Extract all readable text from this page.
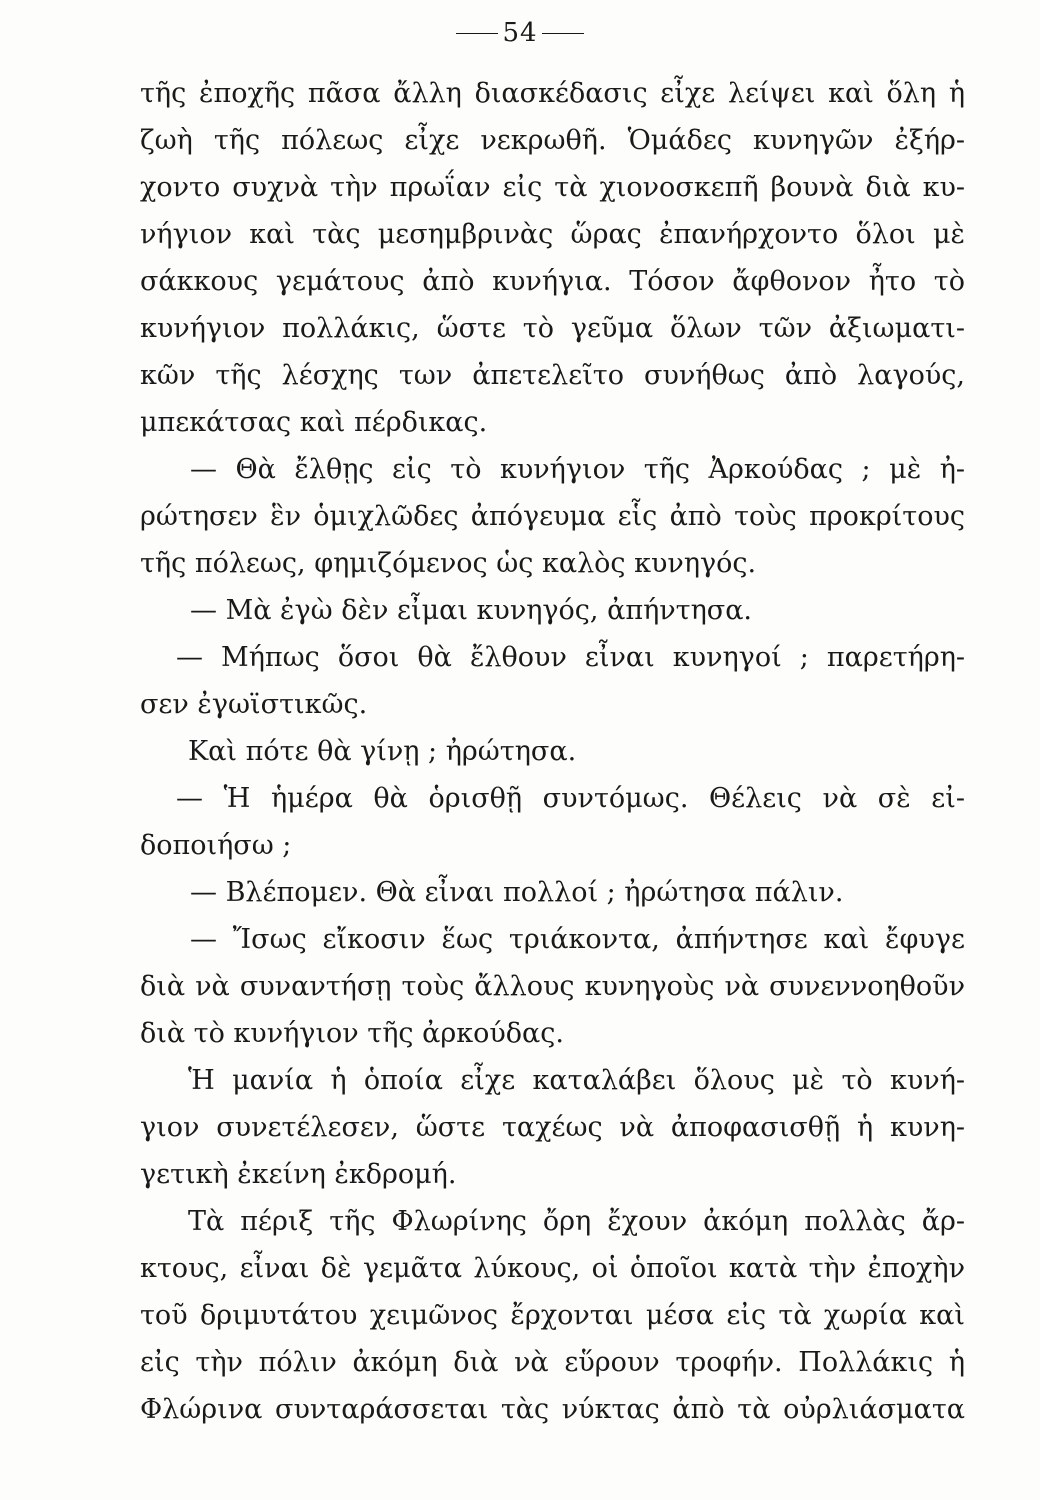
54
τῆς ἐποχῆς πᾶσα ἄλλη διασκέδασις εἶχε λείψει καὶ ὅλη ἡ
ζωὴ τῆς πόλεως εἶχε νεκρωθῆ. Ὁμάδες κυνηγῶν ἐξήρ-
χοντο συχνὰ τὴν πρωΐαν εἰς τὰ χιονοσκεπῆ βουνὰ διὰ κυ-
νήγιον καὶ τὰς μεσημβρινὰς ὥρας ἐπανήρχοντο ὅλοι μὲ
σάκκους γεμάτους ἀπὸ κυνήγια. Τόσον ἄφθονον ἦτο τὸ
κυνήγιον πολλάκις, ὥστε τὸ γεῦμα ὅλων τῶν ἀξιωματι-
κῶν τῆς λέσχης των ἀπετελεῖτο συνήθως ἀπὸ λαγούς,
μπεκάτσας καὶ πέρδικας.
— Θὰ ἔλθῃς εἰς τὸ κυνήγιον τῆς Ἀρκούδας ; μὲ ἠ-
ρώτησεν ἓν ὁμιχλῶδες ἀπόγευμα εἷς ἀπὸ τοὺς προκρίτους
τῆς πόλεως, φημιζόμενος ὡς καλὸς κυνηγός.
— Μὰ ἐγὼ δὲν εἶμαι κυνηγός, ἀπήντησα.
— Μήπως ὅσοι θὰ ἔλθουν εἶναι κυνηγοί ; παρετήρη-
σεν ἐγωϊστικῶς.
Καὶ πότε θὰ γίνῃ ; ἠρώτησα.
— Ἡ ἡμέρα θὰ ὁρισθῇ συντόμως. Θέλεις νὰ σὲ εἰ-
δοποιήσω ;
— Βλέπομεν. Θὰ εἶναι πολλοί ; ἠρώτησα πάλιν.
— Ἴσως εἴκοσιν ἕως τριάκοντα, ἀπήντησε καὶ ἔφυγε
διὰ νὰ συναντήσῃ τοὺς ἄλλους κυνηγοὺς νὰ συνεννοηθοῦν
διὰ τὸ κυνήγιον τῆς ἀρκούδας.
Ἡ μανία ἡ ὁποία εἶχε καταλάβει ὅλους μὲ τὸ κυνή-
γιον συνετέλεσεν, ὥστε ταχέως νὰ ἀποφασισθῇ ἡ κυνη-
γετικὴ ἐκείνη ἐκδρομή.
Τὰ πέριξ τῆς Φλωρίνης ὄρη ἔχουν ἀκόμη πολλὰς ἄρ-
κτους, εἶναι δὲ γεμᾶτα λύκους, οἱ ὁποῖοι κατὰ τὴν ἐποχὴν
τοῦ δριμυτάτου χειμῶνος ἔρχονται μέσα εἰς τὰ χωρία καὶ
εἰς τὴν πόλιν ἀκόμη διὰ νὰ εὕρουν τροφήν. Πολλάκις ἡ
Φλώρινα συνταράσσεται τὰς νύκτας ἀπὸ τὰ οὐρλιάσματα
